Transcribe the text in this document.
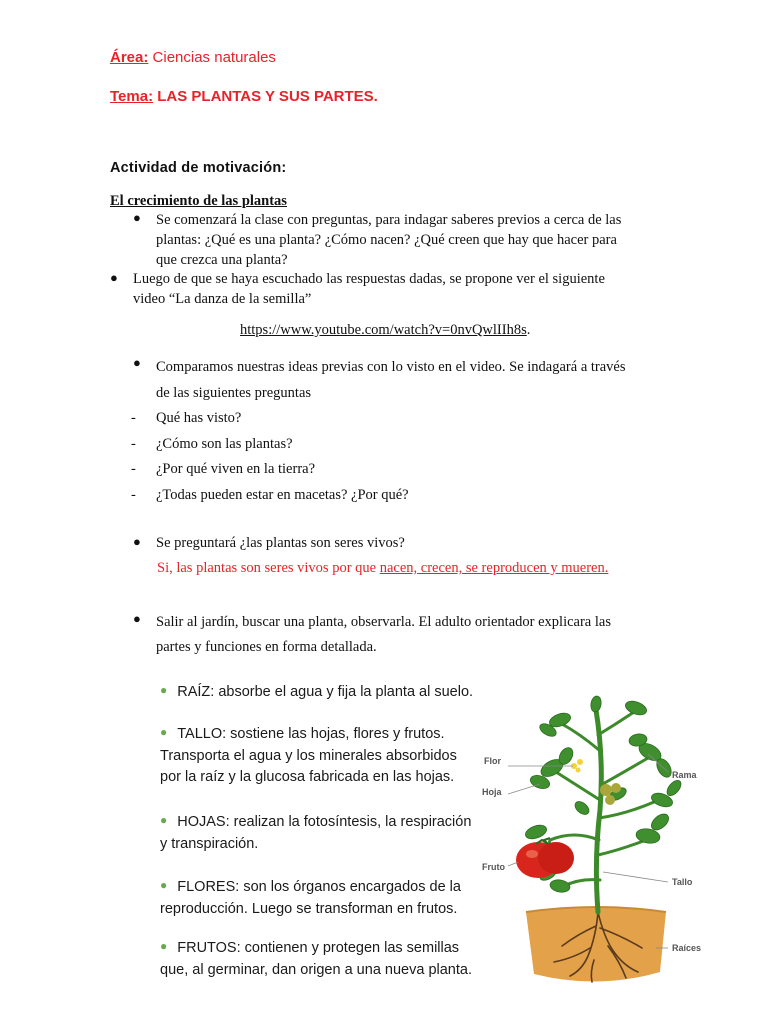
Área: Ciencias naturales
Tema: LAS PLANTAS Y SUS PARTES.
Actividad de motivación:
El crecimiento de las plantas
● Se comenzará la clase con preguntas, para indagar saberes previos a cerca de las
plantas: ¿Qué es una planta? ¿Cómo nacen? ¿Qué creen que hay que hacer para
que crezca una planta?
● Luego de que se haya escuchado las respuestas dadas, se propone ver el siguiente
video “La danza de la semilla”
https://www.youtube.com/watch?v=0nvQwlIIh8s.
● Comparamos nuestras ideas previas con lo visto en el video. Se indagará a través
de las siguientes preguntas
- Qué has visto?
- ¿Cómo son las plantas?
- ¿Por qué viven en la tierra?
- ¿Todas pueden estar en macetas? ¿Por qué?
● Se preguntará ¿las plantas son seres vivos?
Si, las plantas son seres vivos por que nacen, crecen, se reproducen y mueren.
● Salir al jardín, buscar una planta, observarla. El adulto orientador explicara las
partes y funciones en forma detallada.
● RAÍZ: absorbe el agua y fija la planta al suelo.
● TALLO: sostiene las hojas, flores y frutos.
Transporta el agua y los minerales absorbidos
por la raíz y la glucosa fabricada en las hojas.
● HOJAS: realizan la fotosíntesis, la respiración
y transpiración.
● FLORES: son los órganos encargados de la
reproducción. Luego se transforman en frutos.
● FRUTOS: contienen y protegen las semillas
que, al germinar, dan origen a una nueva planta.
Flor
Hoja
Fruto
Rama
Tallo
Raíces
